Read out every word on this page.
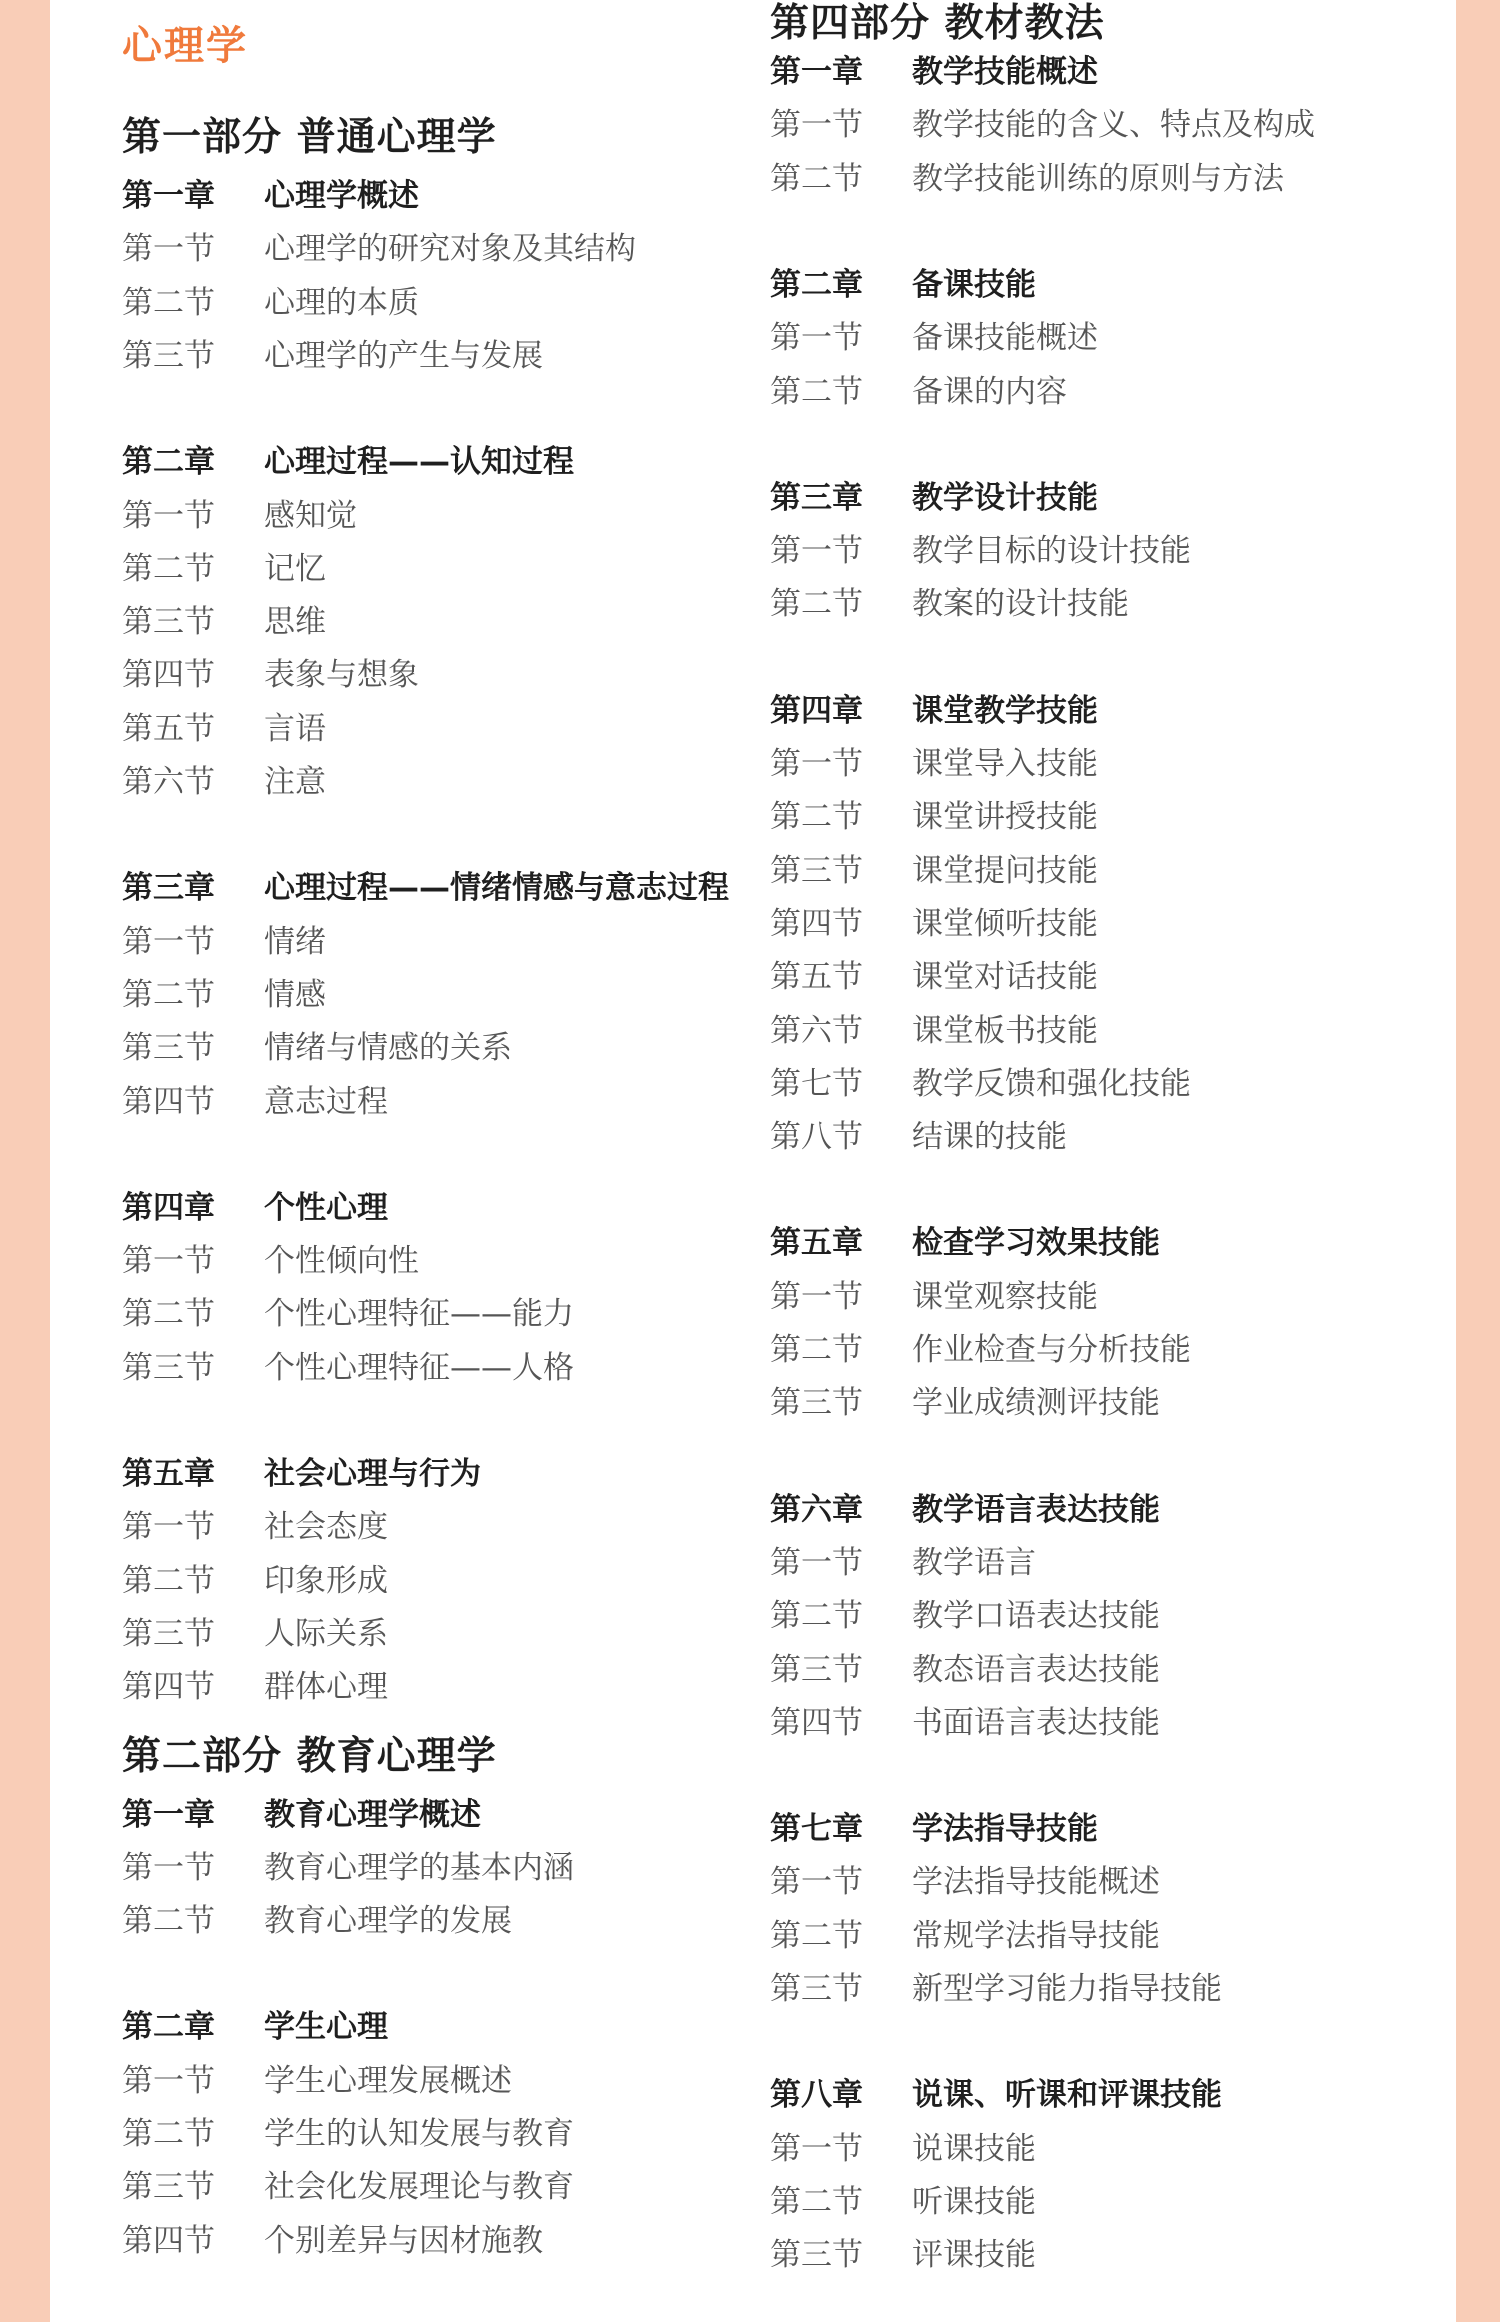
心理学
第一部分 普通心理学
第一章 心理学概述
第一节 心理学的研究对象及其结构
第二节 心理的本质
第三节 心理学的产生与发展
第二章 心理过程——认知过程
第一节 感知觉
第二节 记忆
第三节 思维
第四节 表象与想象
第五节 言语
第六节 注意
第三章 心理过程——情绪情感与意志过程
第一节 情绪
第二节 情感
第三节 情绪与情感的关系
第四节 意志过程
第四章 个性心理
第一节 个性倾向性
第二节 个性心理特征——能力
第三节 个性心理特征——人格
第五章 社会心理与行为
第一节 社会态度
第二节 印象形成
第三节 人际关系
第四节 群体心理
第二部分 教育心理学
第一章 教育心理学概述
第一节 教育心理学的基本内涵
第二节 教育心理学的发展
第二章 学生心理
第一节 学生心理发展概述
第二节 学生的认知发展与教育
第三节 社会化发展理论与教育
第四节 个别差异与因材施教
第四部分 教材教法
第一章 教学技能概述
第一节 教学技能的含义、特点及构成
第二节 教学技能训练的原则与方法
第二章 备课技能
第一节 备课技能概述
第二节 备课的内容
第三章 教学设计技能
第一节 教学目标的设计技能
第二节 教案的设计技能
第四章 课堂教学技能
第一节 课堂导入技能
第二节 课堂讲授技能
第三节 课堂提问技能
第四节 课堂倾听技能
第五节 课堂对话技能
第六节 课堂板书技能
第七节 教学反馈和强化技能
第八节 结课的技能
第五章 检查学习效果技能
第一节 课堂观察技能
第二节 作业检查与分析技能
第三节 学业成绩测评技能
第六章 教学语言表达技能
第一节 教学语言
第二节 教学口语表达技能
第三节 教态语言表达技能
第四节 书面语言表达技能
第七章 学法指导技能
第一节 学法指导技能概述
第二节 常规学法指导技能
第三节 新型学习能力指导技能
第八章 说课、听课和评课技能
第一节 说课技能
第二节 听课技能
第三节 评课技能
